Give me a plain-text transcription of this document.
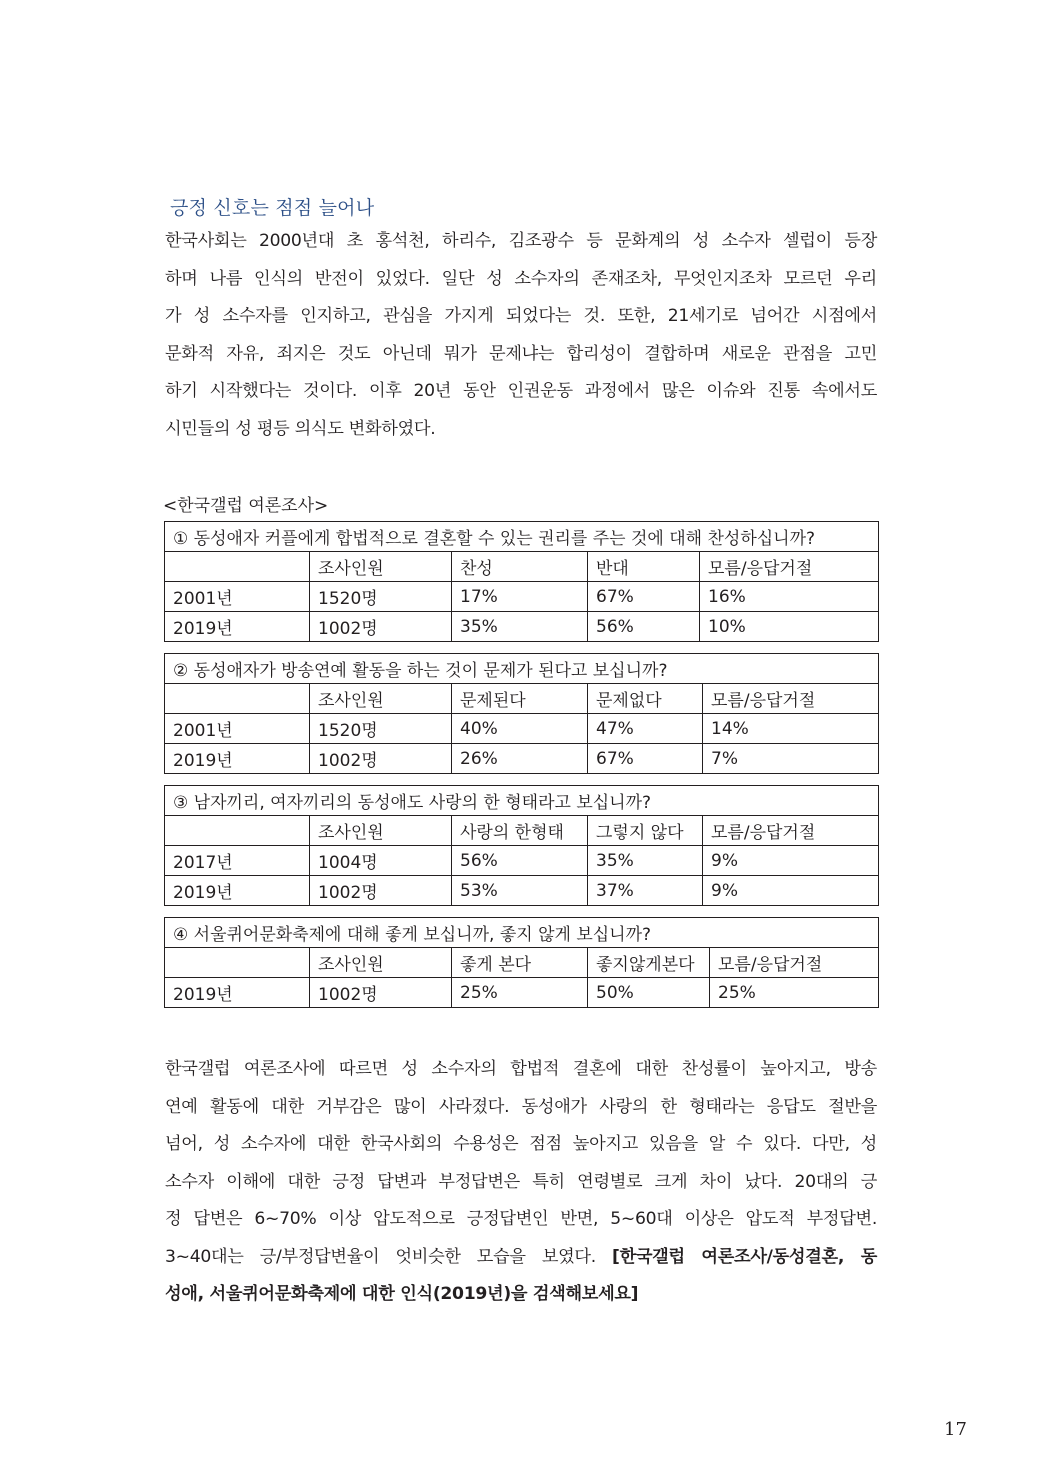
긍정 신호는 점점 늘어나
한국사회는 2000년대 초 홍석천, 하리수, 김조광수 등 문화계의 성 소수자 셀럽이 등장
하며 나름 인식의 반전이 있었다. 일단 성 소수자의 존재조차, 무엇인지조차 모르던 우리
가 성 소수자를 인지하고, 관심을 가지게 되었다는 것. 또한, 21세기로 넘어간 시점에서
문화적 자유, 죄지은 것도 아닌데 뭐가 문제냐는 합리성이 결합하며 새로운 관점을 고민
하기 시작했다는 것이다. 이후 20년 동안 인권운동 과정에서 많은 이슈와 진통 속에서도
시민들의 성 평등 의식도 변화하였다.
<한국갤럽 여론조사>
① 동성애자 커플에게 합법적으로 결혼할 수 있는 권리를 주는 것에 대해 찬성하십니까?				
	조사인원	찬성	반대	모름/응답거절
2001년	1520명	17%	67%	16%
2019년	1002명	35%	56%	10%
② 동성애자가 방송연예 활동을 하는 것이 문제가 된다고 보십니까?				
	조사인원	문제된다	문제없다	모름/응답거절
2001년	1520명	40%	47%	14%
2019년	1002명	26%	67%	7%
③ 남자끼리, 여자끼리의 동성애도 사랑의 한 형태라고 보십니까?				
	조사인원	사랑의 한형태	그렇지 않다	모름/응답거절
2017년	1004명	56%	35%	9%
2019년	1002명	53%	37%	9%
④ 서울퀴어문화축제에 대해 좋게 보십니까, 좋지 않게 보십니까?				
	조사인원	좋게 본다	좋지않게본다	모름/응답거절
2019년	1002명	25%	50%	25%
한국갤럽 여론조사에 따르면 성 소수자의 합법적 결혼에 대한 찬성률이 높아지고, 방송
연예 활동에 대한 거부감은 많이 사라졌다. 동성애가 사랑의 한 형태라는 응답도 절반을
넘어, 성 소수자에 대한 한국사회의 수용성은 점점 높아지고 있음을 알 수 있다. 다만, 성
소수자 이해에 대한 긍정 답변과 부정답변은 특히 연령별로 크게 차이 났다. 20대의 긍
정 답변은 6~70% 이상 압도적으로 긍정답변인 반면, 5~60대 이상은 압도적 부정답변.
3~40대는 긍/부정답변율이 엇비슷한 모습을 보였다. [한국갤럽 여론조사/동성결혼, 동
성애, 서울퀴어문화축제에 대한 인식(2019년)을 검색해보세요]
17
